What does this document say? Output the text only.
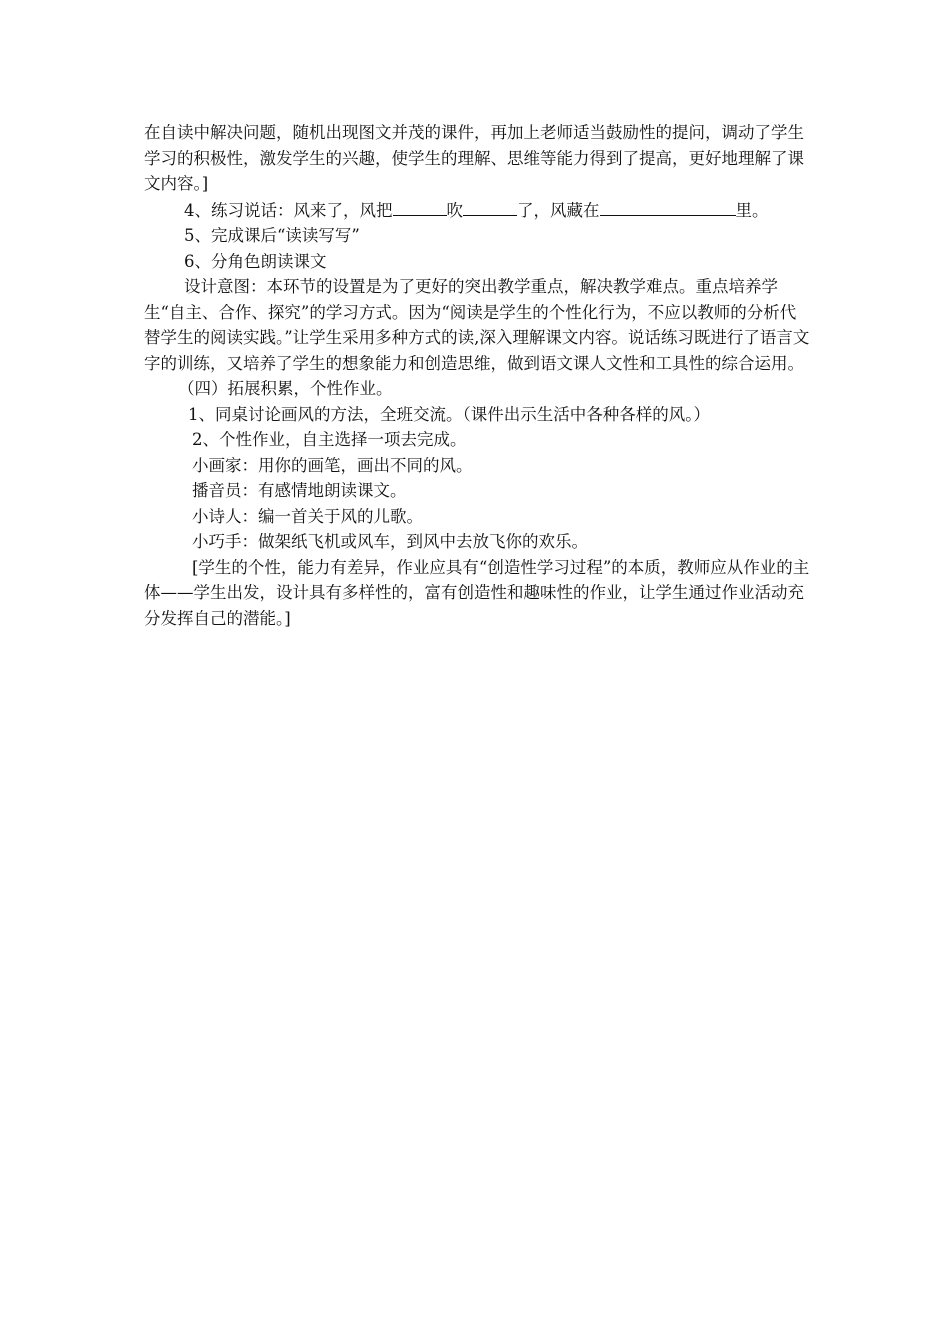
在自读中解决问题，随机出现图文并茂的课件，再加上老师适当鼓励性的提问，调动了学生学习的积极性，激发学生的兴趣，使学生的理解、思维等能力得到了提高，更好地理解了课文内容。]

4、练习说话：风来了，风把	吹	了，风藏在	里。

5、完成课后“读读写写”

6、分角色朗读课文

设计意图：本环节的设置是为了更好的突出教学重点，解决教学难点。重点培养学生“自主、合作、探究”的学习方式。因为“阅读是学生的个性化行为，不应以教师的分析代替学生的阅读实践。”让学生采用多种方式的读,深入理解课文内容。说话练习既进行了语言文字的训练，又培养了学生的想象能力和创造思维，做到语文课人文性和工具性的综合运用。

（四）拓展积累，个性作业。

1、同桌讨论画风的方法，全班交流。（课件出示生活中各种各样的风。）

2、个性作业，自主选择一项去完成。

小画家：用你的画笔，画出不同的风。

播音员：有感情地朗读课文。

小诗人：编一首关于风的儿歌。

小巧手：做架纸飞机或风车，到风中去放飞你的欢乐。

[学生的个性，能力有差异，作业应具有“创造性学习过程”的本质，教师应从作业的主体——学生出发，设计具有多样性的，富有创造性和趣味性的作业，让学生通过作业活动充分发挥自己的潜能。]
